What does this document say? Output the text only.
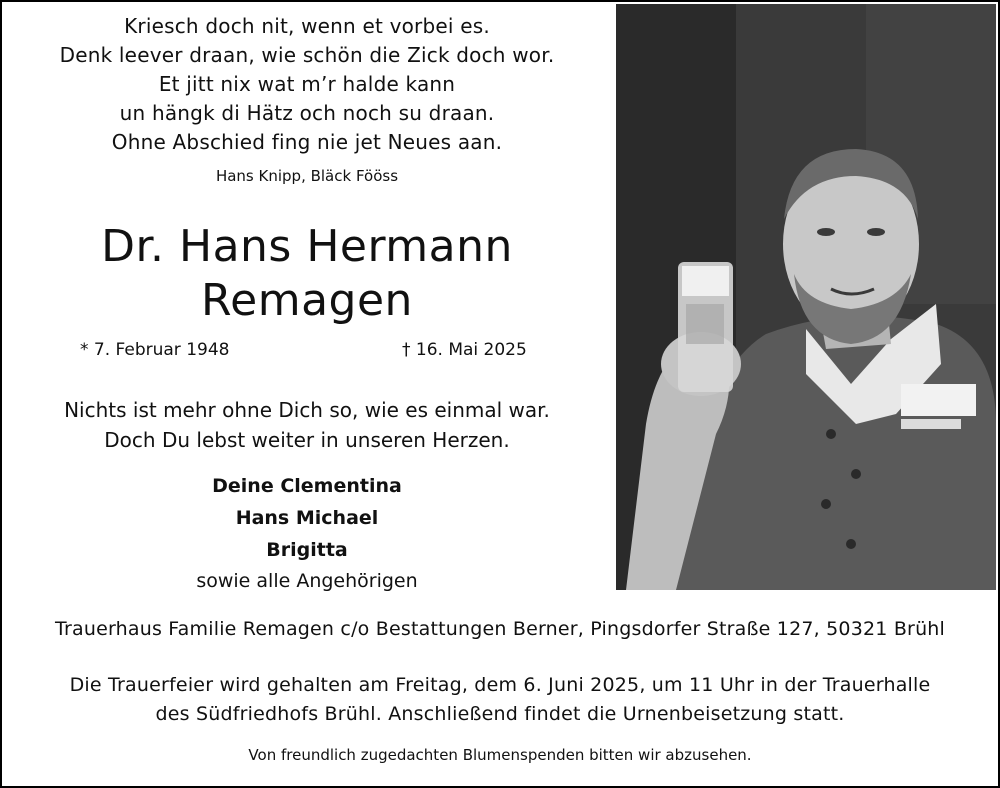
Kriesch doch nit, wenn et vorbei es.
Denk leever draan, wie schön die Zick doch wor.
Et jitt nix wat m’r halde kann
un hängk di Hätz och noch su draan.
Ohne Abschied fing nie jet Neues aan.
Hans Knipp, Bläck Fööss
Dr. Hans Hermann
Remagen
* 7. Februar 1948	† 16. Mai 2025
Nichts ist mehr ohne Dich so, wie es einmal war.
Doch Du lebst weiter in unseren Herzen.
Deine Clementina
Hans Michael
Brigitta
sowie alle Angehörigen
Trauerhaus Familie Remagen c/o Bestattungen Berner, Pingsdorfer Straße 127, 50321 Brühl
Die Trauerfeier wird gehalten am Freitag, dem 6. Juni 2025, um 11 Uhr in der Trauerhalle
des Südfriedhofs Brühl. Anschließend findet die Urnenbeisetzung statt.
Von freundlich zugedachten Blumenspenden bitten wir abzusehen.
